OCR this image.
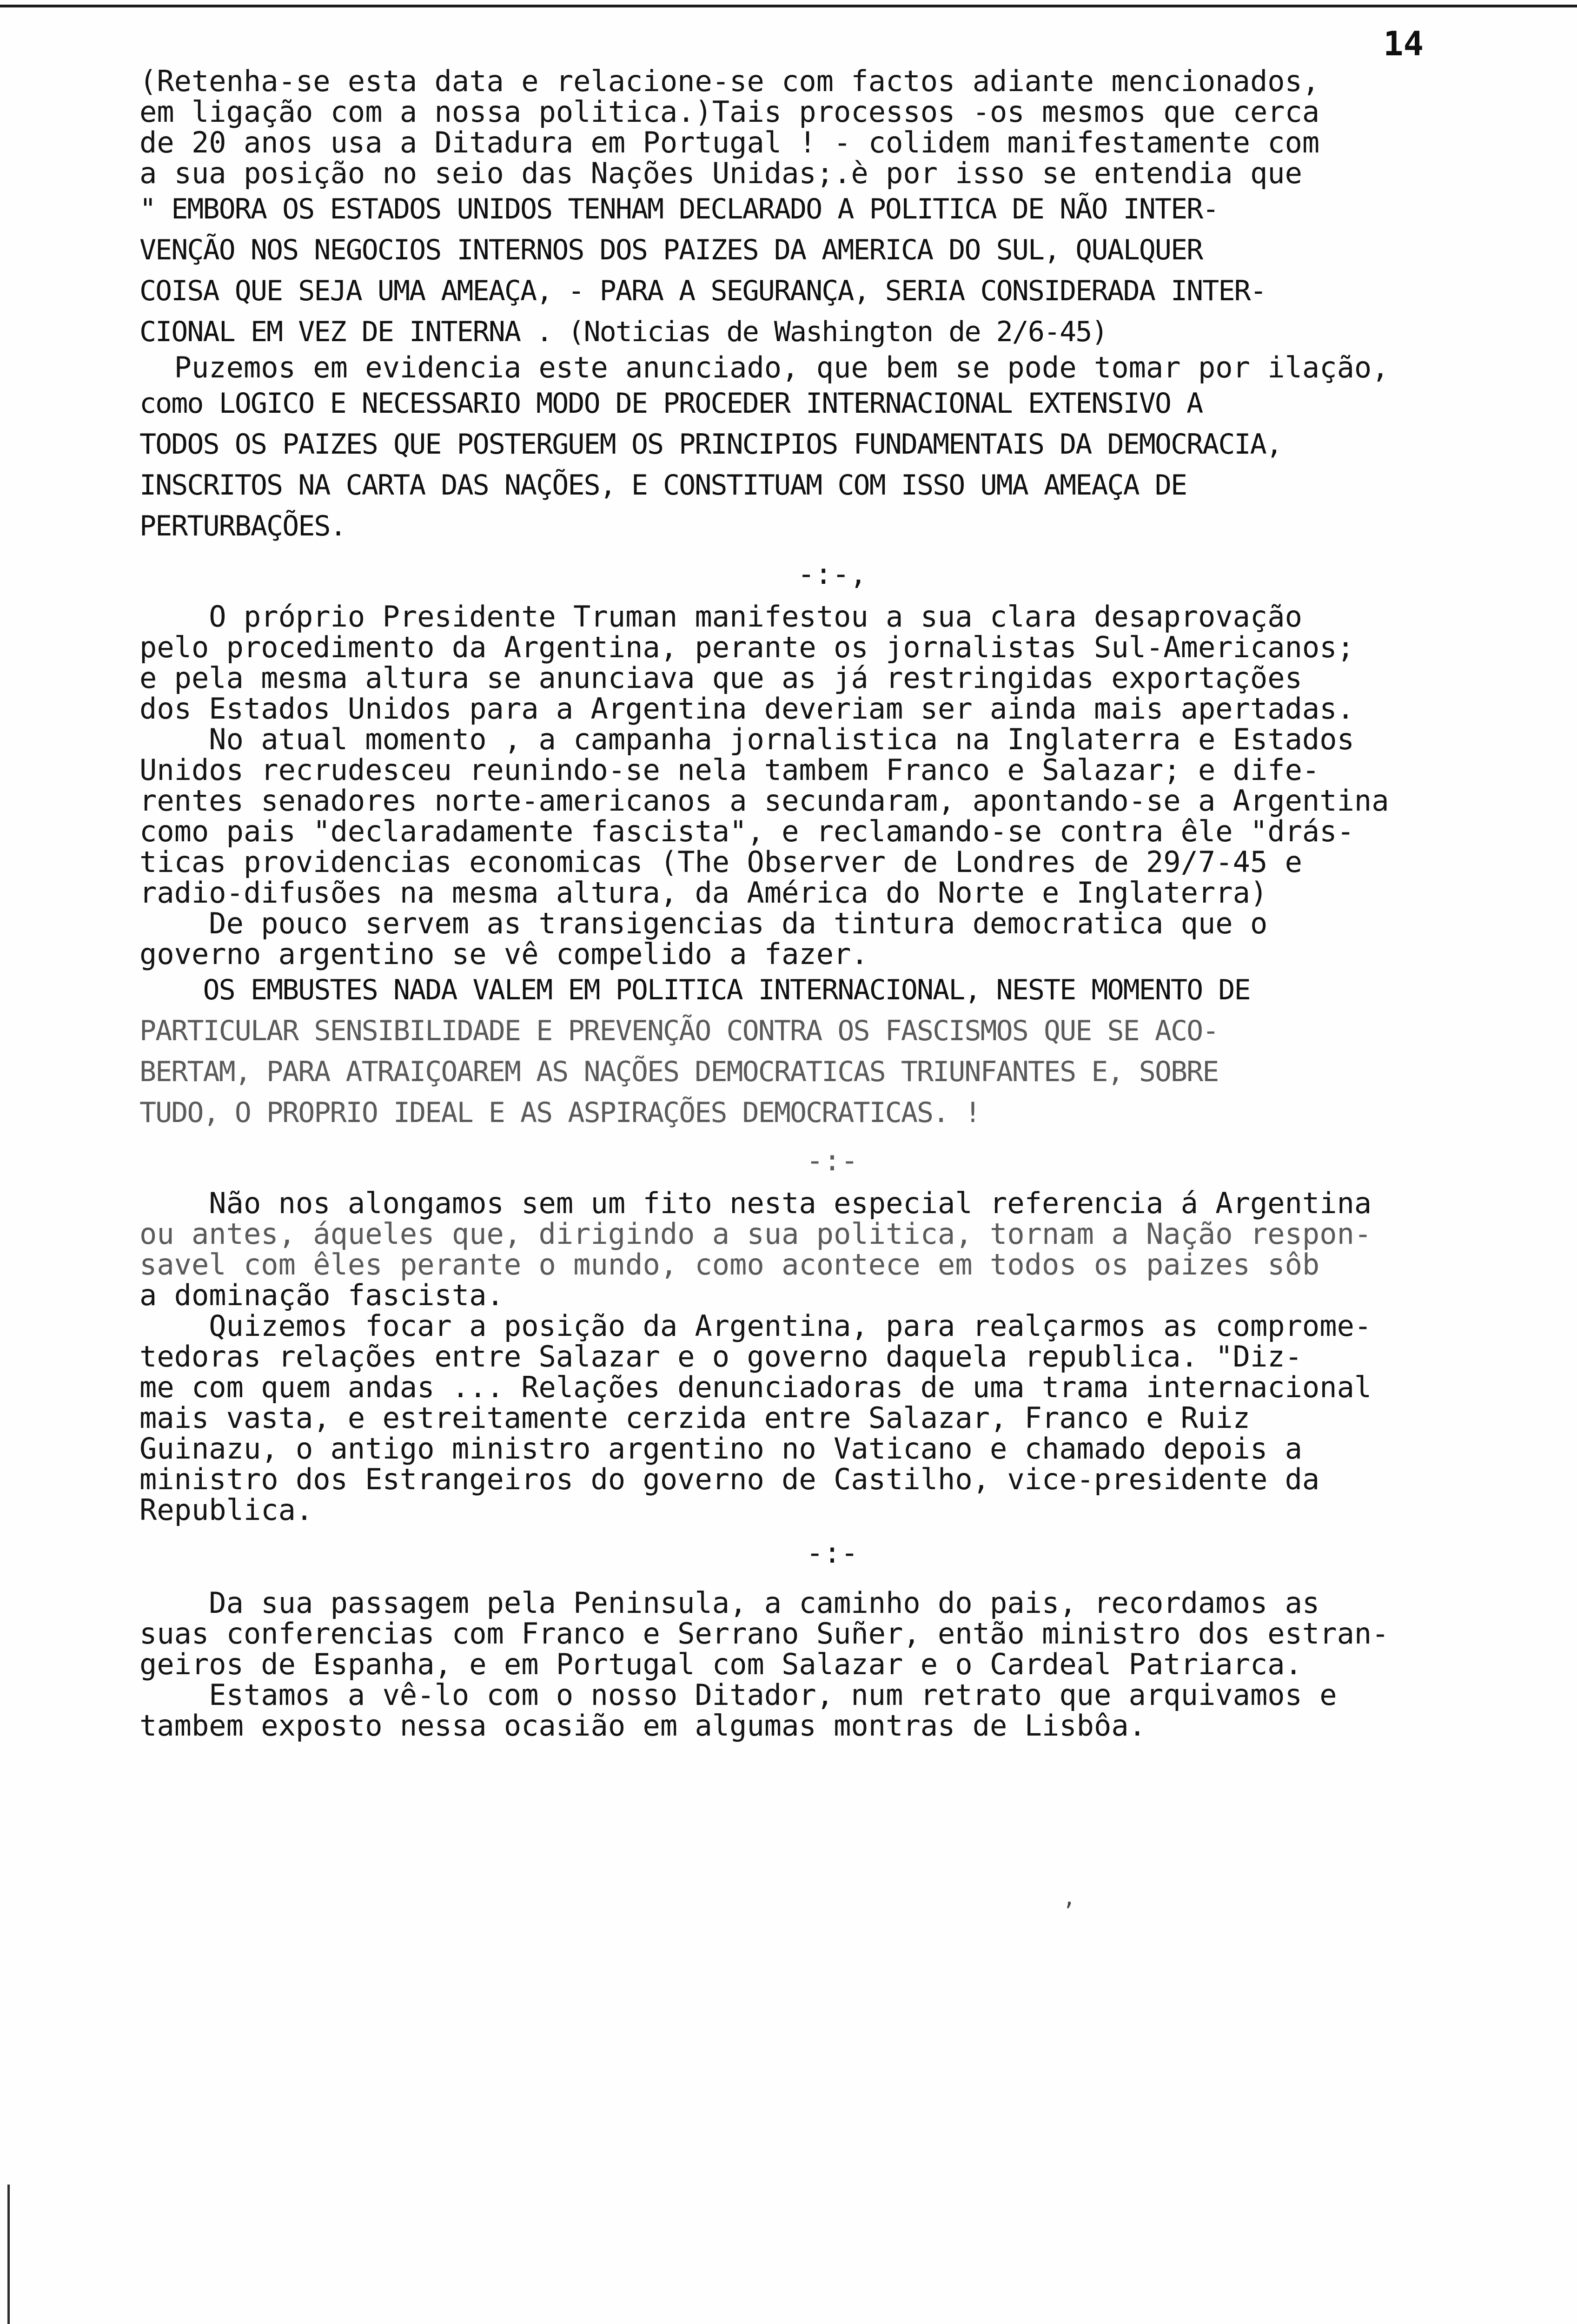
14
(Retenha-se esta data e relacione-se com factos adiante mencionados,
em ligação com a nossa politica.)Tais processos -os mesmos que cerca
de 20 anos usa a Ditadura em Portugal ! - colidem manifestamente com
a sua posição no seio das Nações Unidas;.è por isso se entendia que
" EMBORA OS ESTADOS UNIDOS TENHAM DECLARADO A POLITICA DE NÃO INTER-
VENÇÃO NOS NEGOCIOS INTERNOS DOS PAIZES DA AMERICA DO SUL, QUALQUER
COISA QUE SEJA UMA AMEAÇA, - PARA A SEGURANÇA, SERIA CONSIDERADA INTER-
CIONAL EM VEZ DE INTERNA . (Noticias de Washington de 2/6-45)
Puzemos em evidencia este anunciado, que bem se pode tomar por ilação,
como LOGICO E NECESSARIO MODO DE PROCEDER INTERNACIONAL EXTENSIVO A
TODOS OS PAIZES QUE POSTERGUEM OS PRINCIPIOS FUNDAMENTAIS DA DEMOCRACIA,
INSCRITOS NA CARTA DAS NAÇÕES, E CONSTITUAM COM ISSO UMA AMEAÇA DE
PERTURBAÇÕES.
-:-,
O próprio Presidente Truman manifestou a sua clara desaprovação
pelo procedimento da Argentina, perante os jornalistas Sul-Americanos;
e pela mesma altura se anunciava que as já restringidas exportações
dos Estados Unidos para a Argentina deveriam ser ainda mais apertadas.
No atual momento , a campanha jornalistica na Inglaterra e Estados
Unidos recrudesceu reunindo-se nela tambem Franco e Salazar; e dife-
rentes senadores norte-americanos a secundaram, apontando-se a Argentina
como pais "declaradamente fascista", e reclamando-se contra êle "drás-
ticas providencias economicas (The Observer de Londres de 29/7-45 e
radio-difusões na mesma altura, da América do Norte e Inglaterra)
De pouco servem as transigencias da tintura democratica que o
governo argentino se vê compelido a fazer.
OS EMBUSTES NADA VALEM EM POLITICA INTERNACIONAL, NESTE MOMENTO DE
PARTICULAR SENSIBILIDADE E PREVENÇÃO CONTRA OS FASCISMOS QUE SE ACO-
BERTAM, PARA ATRAIÇOAREM AS NAÇÕES DEMOCRATICAS TRIUNFANTES E, SOBRE
TUDO, O PROPRIO IDEAL E AS ASPIRAÇÕES DEMOCRATICAS. !
-:-
Não nos alongamos sem um fito nesta especial referencia á Argentina
ou antes, áqueles que, dirigindo a sua politica, tornam a Nação respon-
savel com êles perante o mundo, como acontece em todos os paizes sôb
a dominação fascista.
Quizemos focar a posição da Argentina, para realçarmos as comprome-
tedoras relações entre Salazar e o governo daquela republica. "Diz-
me com quem andas ... Relações denunciadoras de uma trama internacional
mais vasta, e estreitamente cerzida entre Salazar, Franco e Ruiz
Guinazu, o antigo ministro argentino no Vaticano e chamado depois a
ministro dos Estrangeiros do governo de Castilho, vice-presidente da
Republica.
-:-
Da sua passagem pela Peninsula, a caminho do pais, recordamos as
suas conferencias com Franco e Serrano Suñer, então ministro dos estran-
geiros de Espanha, e em Portugal com Salazar e o Cardeal Patriarca.
Estamos a vê-lo com o nosso Ditador, num retrato que arquivamos e
tambem exposto nessa ocasião em algumas montras de Lisbôa.
’
